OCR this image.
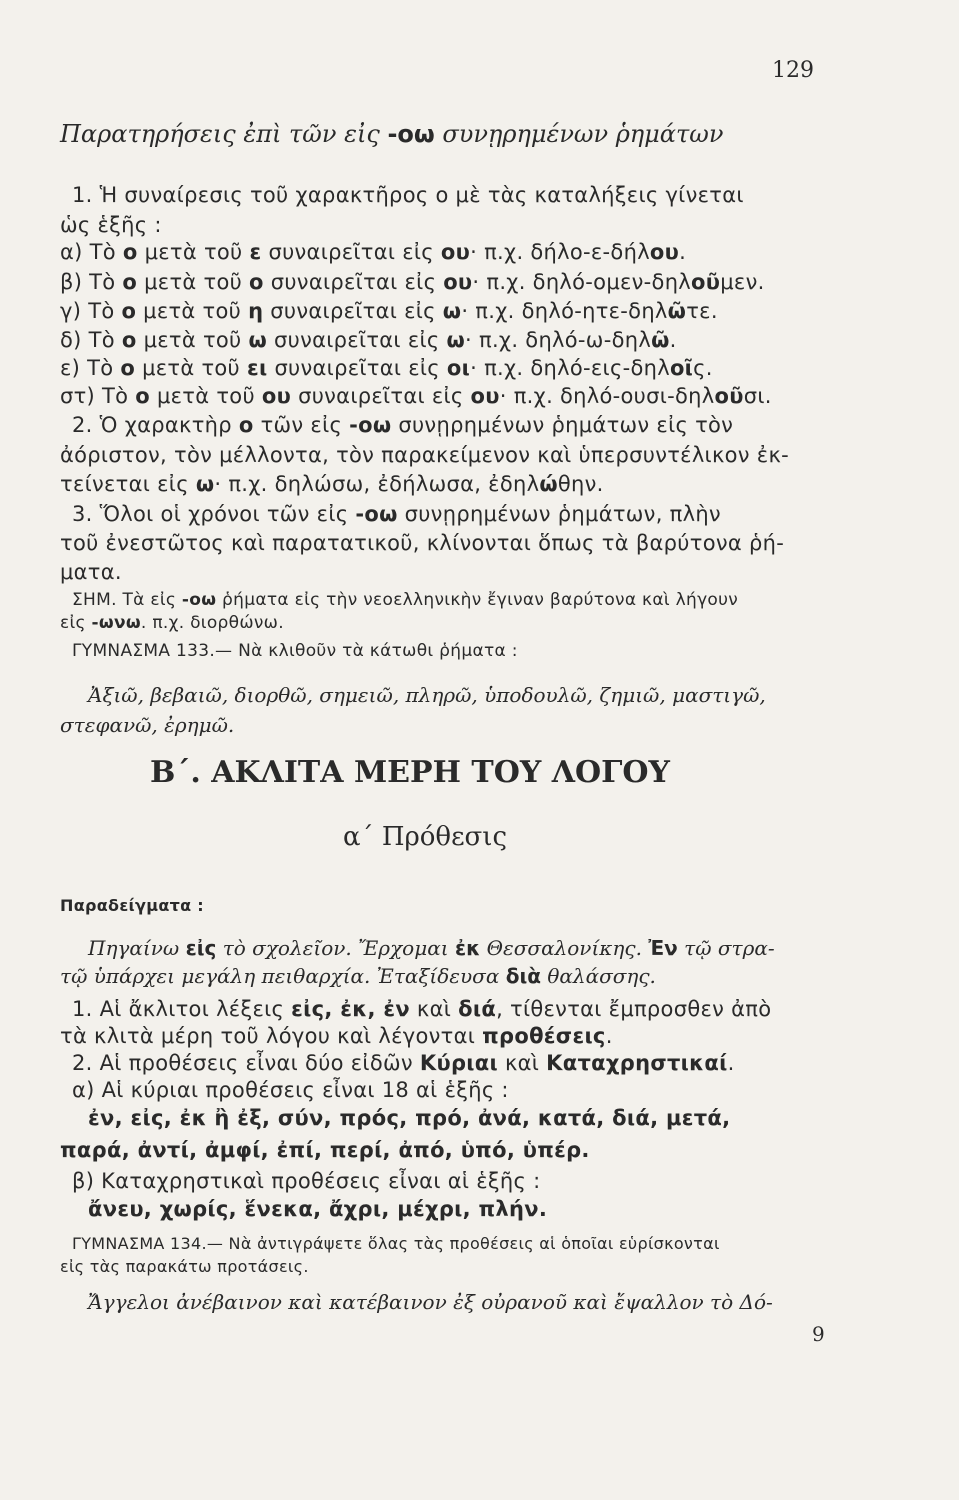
129
Παρατηρήσεις ἐπὶ τῶν εἰς -οω συνῃρημένων ῥημάτων
1. Ἡ συναίρεσις τοῦ χαρακτῆρος ο μὲ τὰς καταλήξεις γίνεται
ὡς ἑξῆς :
α) Τὸ ο μετὰ τοῦ ε συναιρεῖται εἰς ου· π.χ. δήλο-ε-δήλου.
β) Τὸ ο μετὰ τοῦ ο συναιρεῖται εἰς ου· π.χ. δηλό-ομεν-δηλοῦμεν.
γ) Τὸ ο μετὰ τοῦ η συναιρεῖται εἰς ω· π.χ. δηλό-ητε-δηλῶτε.
δ) Τὸ ο μετὰ τοῦ ω συναιρεῖται εἰς ω· π.χ. δηλό-ω-δηλῶ.
ε) Τὸ ο μετὰ τοῦ ει συναιρεῖται εἰς οι· π.χ. δηλό-εις-δηλοῖς.
στ) Τὸ ο μετὰ τοῦ ου συναιρεῖται εἰς ου· π.χ. δηλό-ουσι-δηλοῦσι.
2. Ὁ χαρακτὴρ ο τῶν εἰς -οω συνῃρημένων ῥημάτων εἰς τὸν
ἀόριστον, τὸν μέλλοντα, τὸν παρακείμενον καὶ ὑπερσυντέλικον ἐκ-
τείνεται εἰς ω· π.χ. δηλώσω, ἐδήλωσα, ἐδηλώθην.
3. Ὅλοι οἱ χρόνοι τῶν εἰς -οω συνῃρημένων ῥημάτων, πλὴν
τοῦ ἐνεστῶτος καὶ παρατατικοῦ, κλίνονται ὅπως τὰ βαρύτονα ῥή-
ματα.
ΣΗΜ. Τὰ εἰς -οω ῥήματα εἰς τὴν νεοελληνικὴν ἔγιναν βαρύτονα καὶ λήγουν
εἰς -ωνω. π.χ. διορθώνω.
ΓΥΜΝΑΣΜΑ 133.— Νὰ κλιθοῦν τὰ κάτωθι ῥήματα :
Ἀξιῶ, βεβαιῶ, διορθῶ, σημειῶ, πληρῶ, ὑποδουλῶ, ζημιῶ, μαστιγῶ,
στεφανῶ, ἐρημῶ.
Β΄. ΑΚΛΙΤΑ ΜΕΡΗ ΤΟΥ ΛΟΓΟΥ
α΄ Πρόθεσις
Παραδείγματα :
Πηγαίνω εἰς τὸ σχολεῖον. Ἔρχομαι ἐκ Θεσσαλονίκης. Ἐν τῷ στρα-
τῷ ὑπάρχει μεγάλη πειθαρχία. Ἐταξίδευσα διὰ θαλάσσης.
1. Αἱ ἄκλιτοι λέξεις εἰς, ἐκ, ἐν καὶ διά, τίθενται ἔμπροσθεν ἀπὸ
τὰ κλιτὰ μέρη τοῦ λόγου καὶ λέγονται προθέσεις.
2. Αἱ προθέσεις εἶναι δύο εἰδῶν Κύριαι καὶ Καταχρηστικαί.
α) Αἱ κύριαι προθέσεις εἶναι 18 αἱ ἑξῆς :
ἐν, εἰς, ἐκ ἢ ἐξ, σύν, πρός, πρό, ἀνά, κατά, διά, μετά,
παρά, ἀντί, ἀμφί, ἐπί, περί, ἀπό, ὑπό, ὑπέρ.
β) Καταχρηστικαὶ προθέσεις εἶναι αἱ ἑξῆς :
ἄνευ, χωρίς, ἕνεκα, ἄχρι, μέχρι, πλήν.
ΓΥΜΝΑΣΜΑ 134.— Νὰ ἀντιγράψετε ὅλας τὰς προθέσεις αἱ ὁποῖαι εὑρίσκονται
εἰς τὰς παρακάτω προτάσεις.
Ἄγγελοι ἀνέβαινον καὶ κατέβαινον ἐξ οὐρανοῦ καὶ ἔψαλλον τὸ Δό-
9
